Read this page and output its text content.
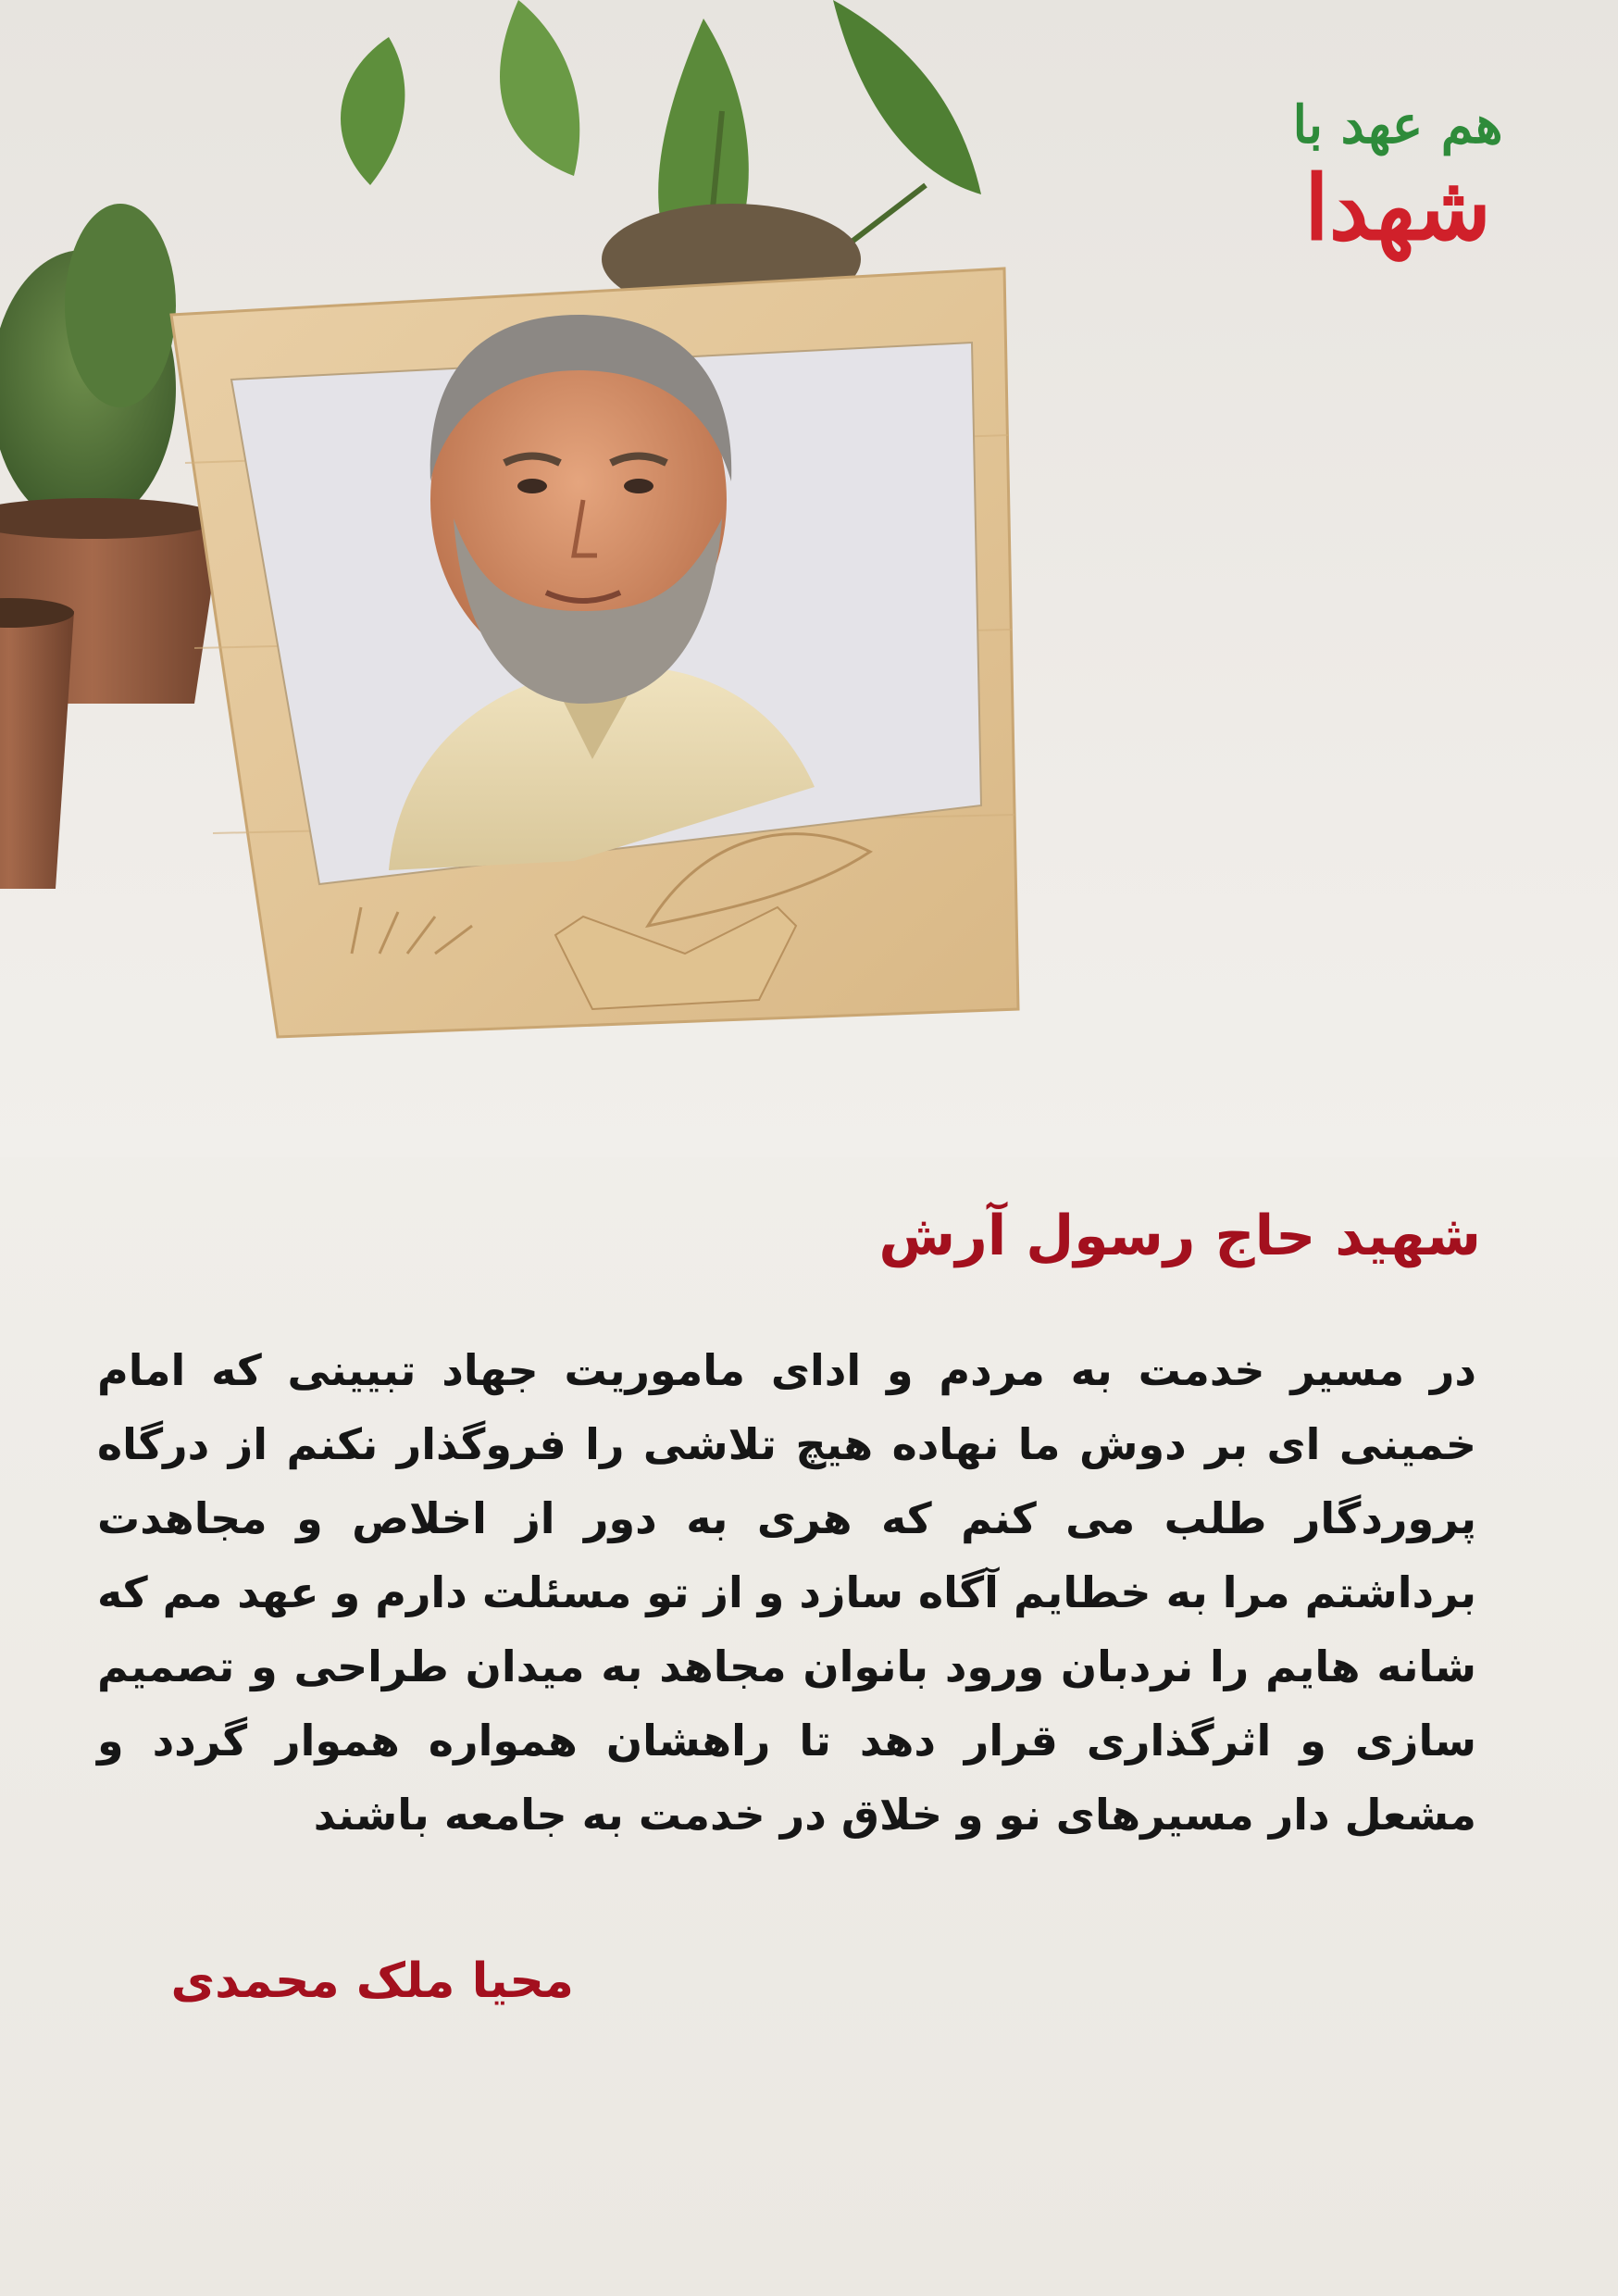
هم عهد با
شهدا
شهید حاج رسول آرش
در مسیر خدمت به مردم و ادای ماموریت جهاد تبیینی که امام خمینی ای بر دوش ما نهاده هیچ تلاشی را فروگذار نکنم از درگاه پروردگار طلب می کنم که هری به دور از اخلاص و مجاهدت برداشتم مرا به خطایم آگاه سازد و از تو مسئلت دارم و عهد مم که شانه هایم را نردبان ورود بانوان مجاهد به میدان طراحی و تصمیم سازی و اثرگذاری قرار دهد تا راهشان همواره هموار گردد و مشعل دار مسیرهای نو و خلاق در خدمت به جامعه باشند
محیا ملک محمدی
